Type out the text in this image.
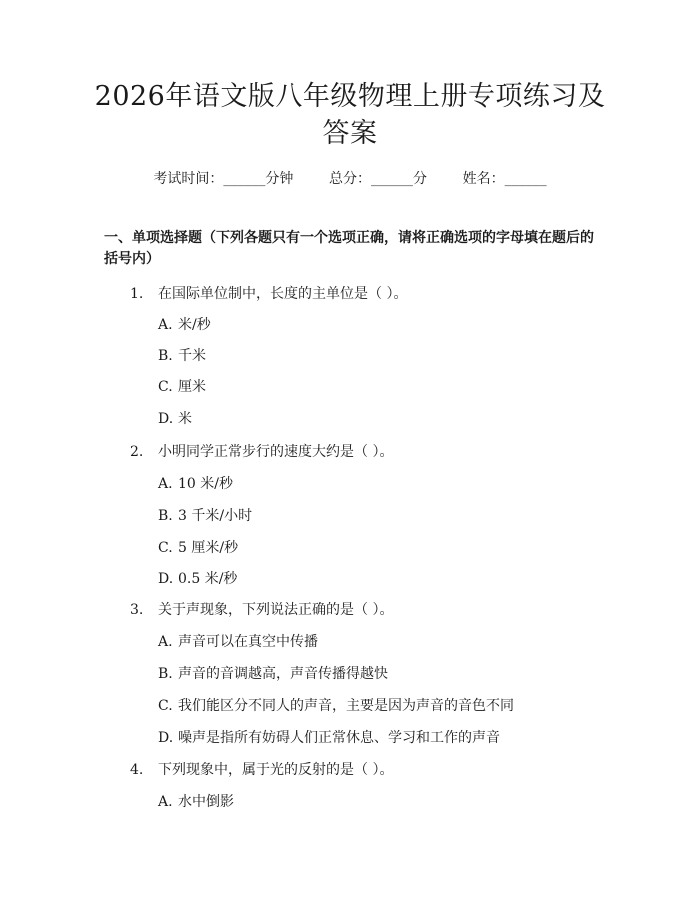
2026年语文版八年级物理上册专项练习及答案
考试时间：______分钟	总分：______分	姓名：______
一、单项选择题（下列各题只有一个选项正确，请将正确选项的字母填在题后的括号内）
1. 在国际单位制中，长度的主单位是（ ）。
A. 米/秒
B. 千米
C. 厘米
D. 米
2. 小明同学正常步行的速度大约是（ ）。
A. 10 米/秒
B. 3 千米/小时
C. 5 厘米/秒
D. 0.5 米/秒
3. 关于声现象，下列说法正确的是（ ）。
A. 声音可以在真空中传播
B. 声音的音调越高，声音传播得越快
C. 我们能区分不同人的声音，主要是因为声音的音色不同
D. 噪声是指所有妨碍人们正常休息、学习和工作的声音
4. 下列现象中，属于光的反射的是（ ）。
A. 水中倒影
